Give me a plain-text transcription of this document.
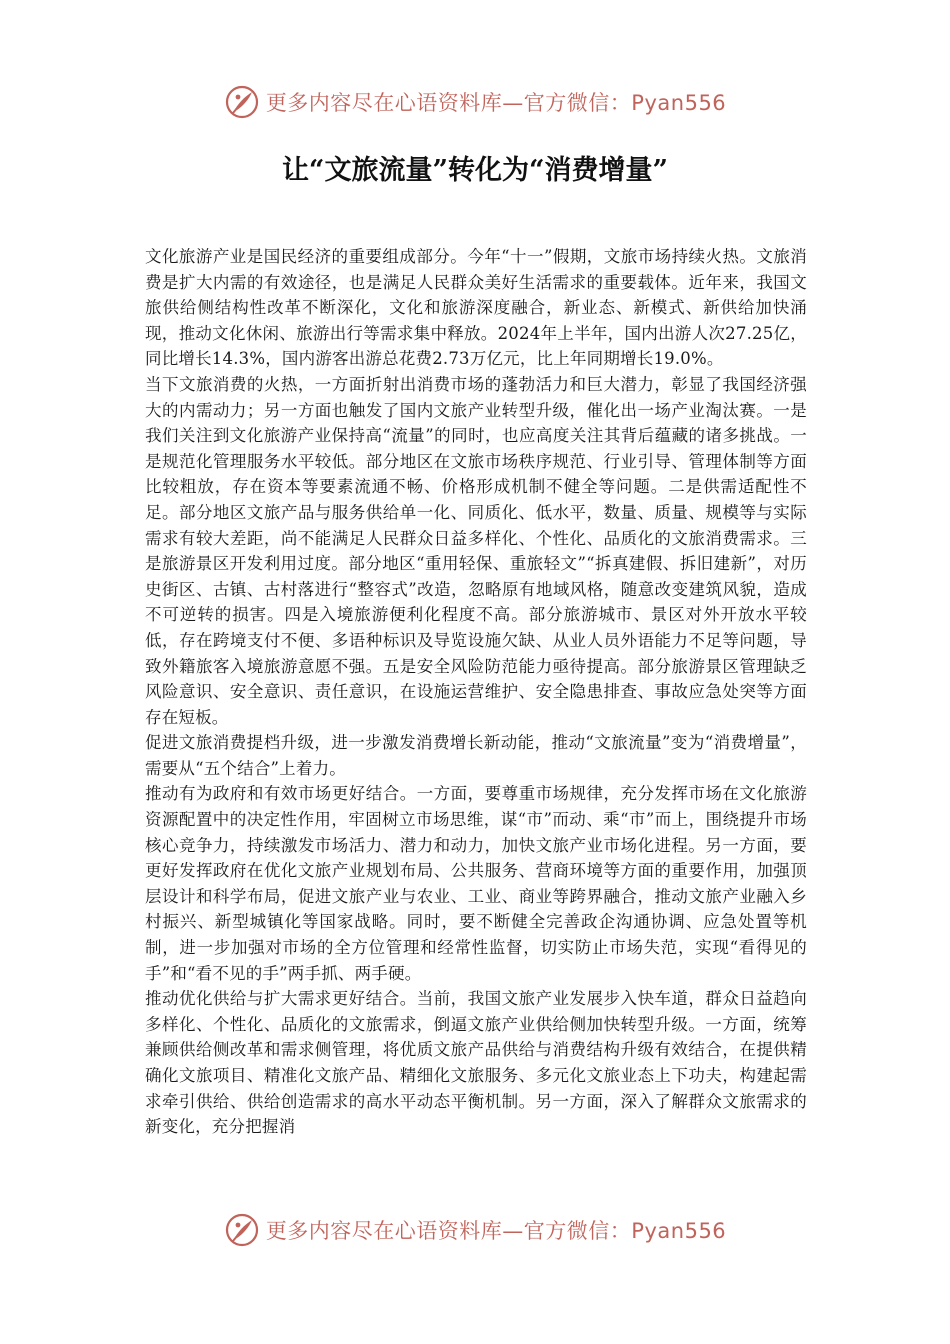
更多内容尽在心语资料库—官方微信：Pyan556
让“文旅流量”转化为“消费增量”

文化旅游产业是国民经济的重要组成部分。今年“十一”假期，文旅市场持续火热。文旅消费是扩大内需的有效途径，也是满足人民群众美好生活需求的重要载体。近年来，我国文旅供给侧结构性改革不断深化，文化和旅游深度融合，新业态、新模式、新供给加快涌现，推动文化休闲、旅游出行等需求集中释放。2024年上半年，国内出游人次27.25亿，同比增长14.3%，国内游客出游总花费2.73万亿元，比上年同期增长19.0%。

当下文旅消费的火热，一方面折射出消费市场的蓬勃活力和巨大潜力，彰显了我国经济强大的内需动力；另一方面也触发了国内文旅产业转型升级，催化出一场产业淘汰赛。一是我们关注到文化旅游产业保持高“流量”的同时，也应高度关注其背后蕴藏的诸多挑战。一是规范化管理服务水平较低。部分地区在文旅市场秩序规范、行业引导、管理体制等方面比较粗放，存在资本等要素流通不畅、价格形成机制不健全等问题。二是供需适配性不足。部分地区文旅产品与服务供给单一化、同质化、低水平，数量、质量、规模等与实际需求有较大差距，尚不能满足人民群众日益多样化、个性化、品质化的文旅消费需求。三是旅游景区开发利用过度。部分地区“重用轻保、重旅轻文”“拆真建假、拆旧建新”，对历史街区、古镇、古村落进行“整容式”改造，忽略原有地域风格，随意改变建筑风貌，造成不可逆转的损害。四是入境旅游便利化程度不高。部分旅游城市、景区对外开放水平较低，存在跨境支付不便、多语种标识及导览设施欠缺、从业人员外语能力不足等问题，导致外籍旅客入境旅游意愿不强。五是安全风险防范能力亟待提高。部分旅游景区管理缺乏风险意识、安全意识、责任意识，在设施运营维护、安全隐患排查、事故应急处突等方面存在短板。

促进文旅消费提档升级，进一步激发消费增长新动能，推动“文旅流量”变为“消费增量”，需要从“五个结合”上着力。

推动有为政府和有效市场更好结合。一方面，要尊重市场规律，充分发挥市场在文化旅游资源配置中的决定性作用，牢固树立市场思维，谋“市”而动、乘“市”而上，围绕提升市场核心竞争力，持续激发市场活力、潜力和动力，加快文旅产业市场化进程。另一方面，要更好发挥政府在优化文旅产业规划布局、公共服务、营商环境等方面的重要作用，加强顶层设计和科学布局，促进文旅产业与农业、工业、商业等跨界融合，推动文旅产业融入乡村振兴、新型城镇化等国家战略。同时，要不断健全完善政企沟通协调、应急处置等机制，进一步加强对市场的全方位管理和经常性监督，切实防止市场失范，实现“看得见的手”和“看不见的手”两手抓、两手硬。

推动优化供给与扩大需求更好结合。当前，我国文旅产业发展步入快车道，群众日益趋向多样化、个性化、品质化的文旅需求，倒逼文旅产业供给侧加快转型升级。一方面，统筹兼顾供给侧改革和需求侧管理，将优质文旅产品供给与消费结构升级有效结合，在提供精确化文旅项目、精准化文旅产品、精细化文旅服务、多元化文旅业态上下功夫，构建起需求牵引供给、供给创造需求的高水平动态平衡机制。另一方面，深入了解群众文旅需求的新变化，充分把握消

更多内容尽在心语资料库—官方微信：Pyan556
